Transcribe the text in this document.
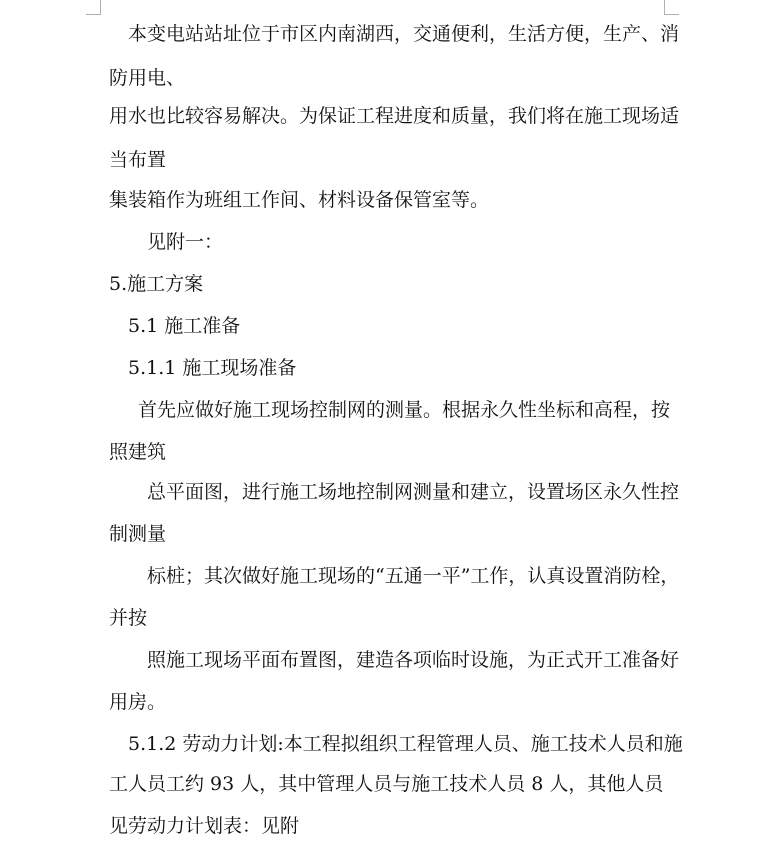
本变电站站址位于市区内南湖西，交通便利，生活方便，生产、消
防用电、
用水也比较容易解决。为保证工程进度和质量，我们将在施工现场适
当布置
集装箱作为班组工作间、材料设备保管室等。
见附一：
5.施工方案
5.1 施工准备
5.1.1 施工现场准备
首先应做好施工现场控制网的测量。根据永久性坐标和高程，按
照建筑
总平面图，进行施工场地控制网测量和建立，设置场区永久性控
制测量
标桩；其次做好施工现场的“五通一平”工作，认真设置消防栓，
并按
照施工现场平面布置图，建造各项临时设施，为正式开工准备好
用房。
5.1.2 劳动力计划:本工程拟组织工程管理人员、施工技术人员和施
工人员工约 93 人，其中管理人员与施工技术人员 8 人，其他人员
见劳动力计划表：见附
